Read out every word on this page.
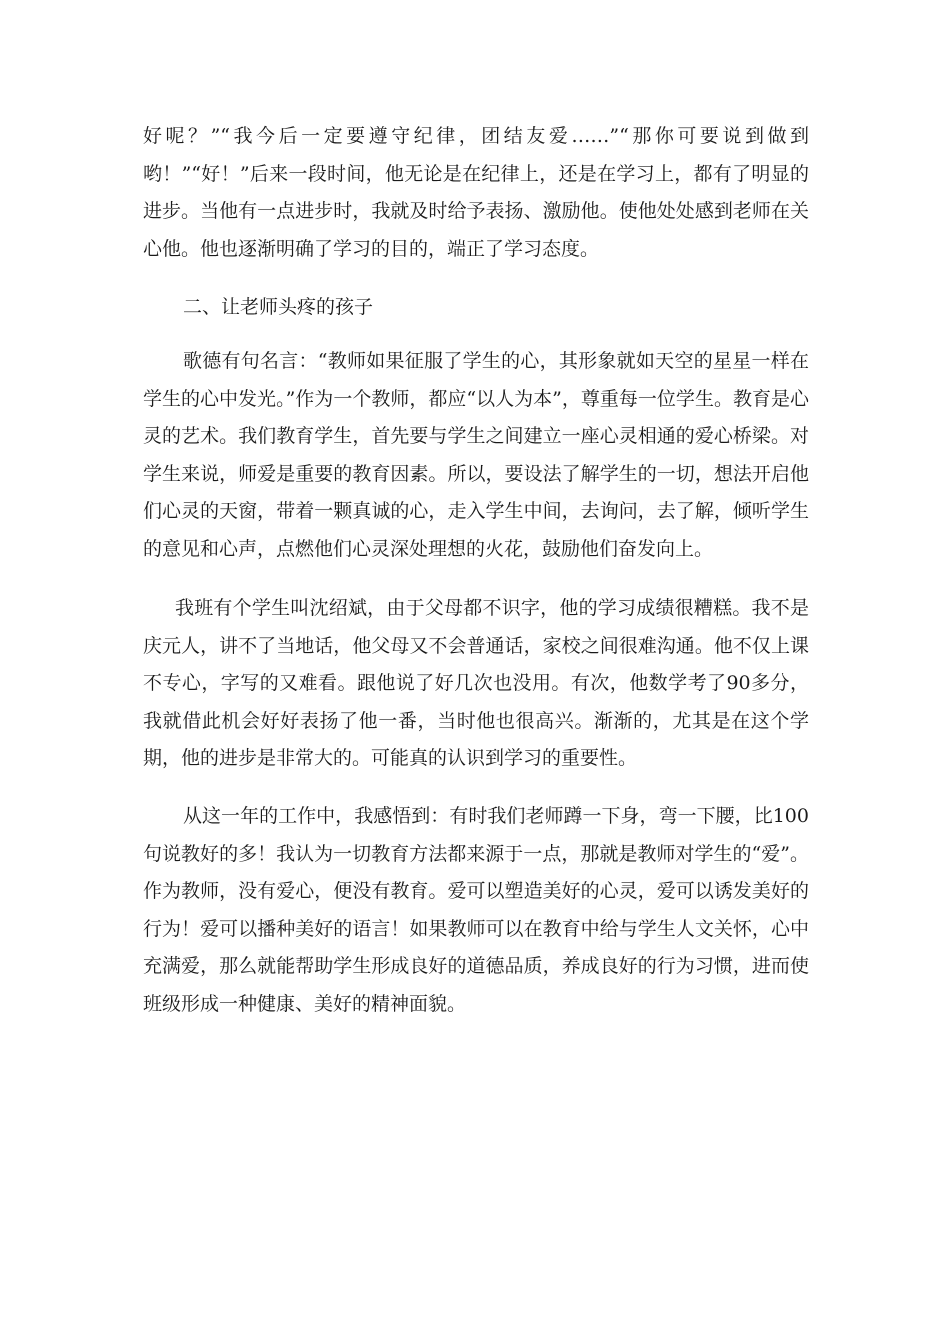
好呢？”“我今后一定要遵守纪律，团结友爱……”“那你可要说到做到哟！”“好！”后来一段时间，他无论是在纪律上，还是在学习上，都有了明显的进步。当他有一点进步时，我就及时给予表扬、激励他。使他处处感到老师在关心他。他也逐渐明确了学习的目的，端正了学习态度。

二、让老师头疼的孩子

歌德有句名言：“教师如果征服了学生的心，其形象就如天空的星星一样在学生的心中发光。”作为一个教师，都应“以人为本”，尊重每一位学生。教育是心灵的艺术。我们教育学生，首先要与学生之间建立一座心灵相通的爱心桥梁。对学生来说，师爱是重要的教育因素。所以，要设法了解学生的一切，想法开启他们心灵的天窗，带着一颗真诚的心，走入学生中间，去询问，去了解，倾听学生的意见和心声，点燃他们心灵深处理想的火花，鼓励他们奋发向上。

我班有个学生叫沈绍斌，由于父母都不识字，他的学习成绩很糟糕。我不是庆元人，讲不了当地话，他父母又不会普通话，家校之间很难沟通。他不仅上课不专心，字写的又难看。跟他说了好几次也没用。有次，他数学考了90多分，我就借此机会好好表扬了他一番，当时他也很高兴。渐渐的，尤其是在这个学期，他的进步是非常大的。可能真的认识到学习的重要性。

从这一年的工作中，我感悟到：有时我们老师蹲一下身，弯一下腰，比100句说教好的多！我认为一切教育方法都来源于一点，那就是教师对学生的“爱”。作为教师，没有爱心，便没有教育。爱可以塑造美好的心灵，爱可以诱发美好的行为！爱可以播种美好的语言！如果教师可以在教育中给与学生人文关怀，心中充满爱，那么就能帮助学生形成良好的道德品质，养成良好的行为习惯，进而使班级形成一种健康、美好的精神面貌。
